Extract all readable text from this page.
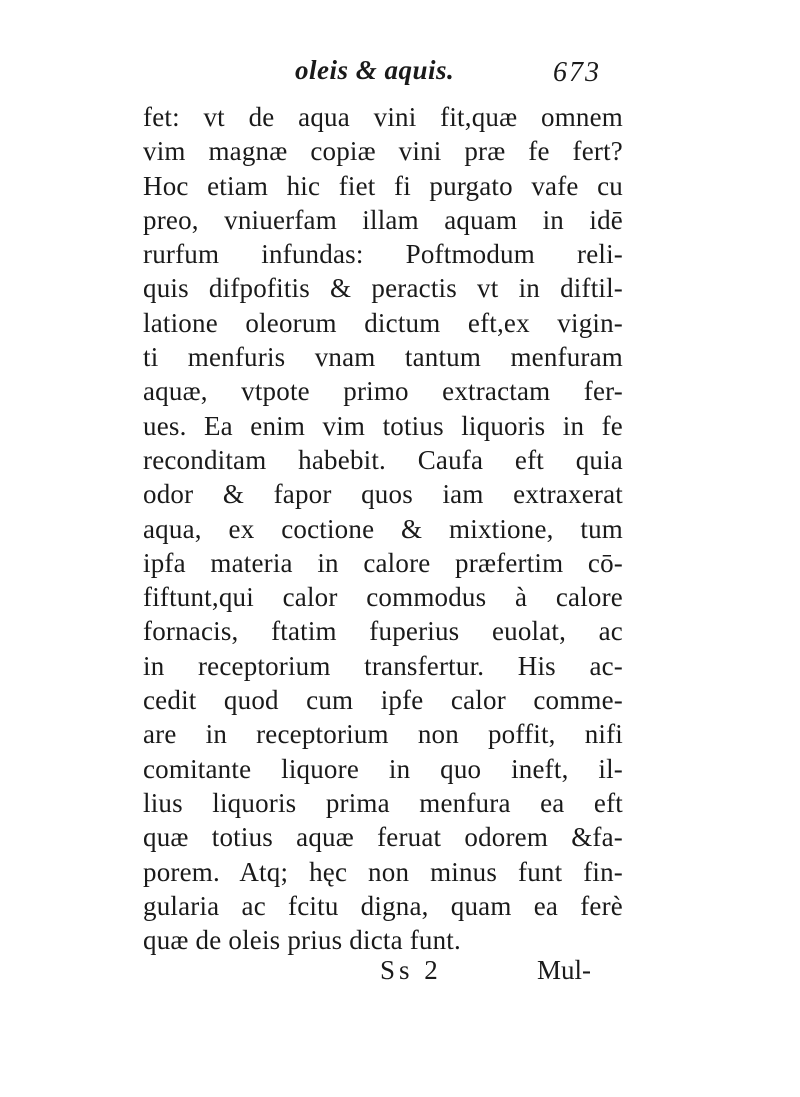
oleis & aquis.	673
fet: vt de aqua vini fit,quæ omnem
vim magnæ copiæ vini præ fe fert?
Hoc etiam hic fiet fi purgato vafe cu
preo, vniuerfam illam aquam in idē
rurfum infundas: Poftmodum reli-
quis difpofitis & peractis vt in diftil-
latione oleorum dictum eft,ex vigin-
ti menfuris vnam tantum menfuram
aquæ, vtpote primo extractam fer-
ues. Ea enim vim totius liquoris in fe
reconditam habebit. Caufa eft quia
odor & fapor quos iam extraxerat
aqua, ex coctione & mixtione, tum
ipfa materia in calore præfertim cō-
fiftunt,qui calor commodus à calore
fornacis, ftatim fuperius euolat, ac
in receptorium transfertur. His ac-
cedit quod cum ipfe calor comme-
are in receptorium non poffit, nifi
comitante liquore in quo ineft, il-
lius liquoris prima menfura ea eft
quæ totius aquæ feruat odorem &fa-
porem. Atq; hęc non minus funt fin-
gularia ac fcitu digna, quam ea ferè
quæ de oleis prius dicta funt.
Ss 2	Mul-
